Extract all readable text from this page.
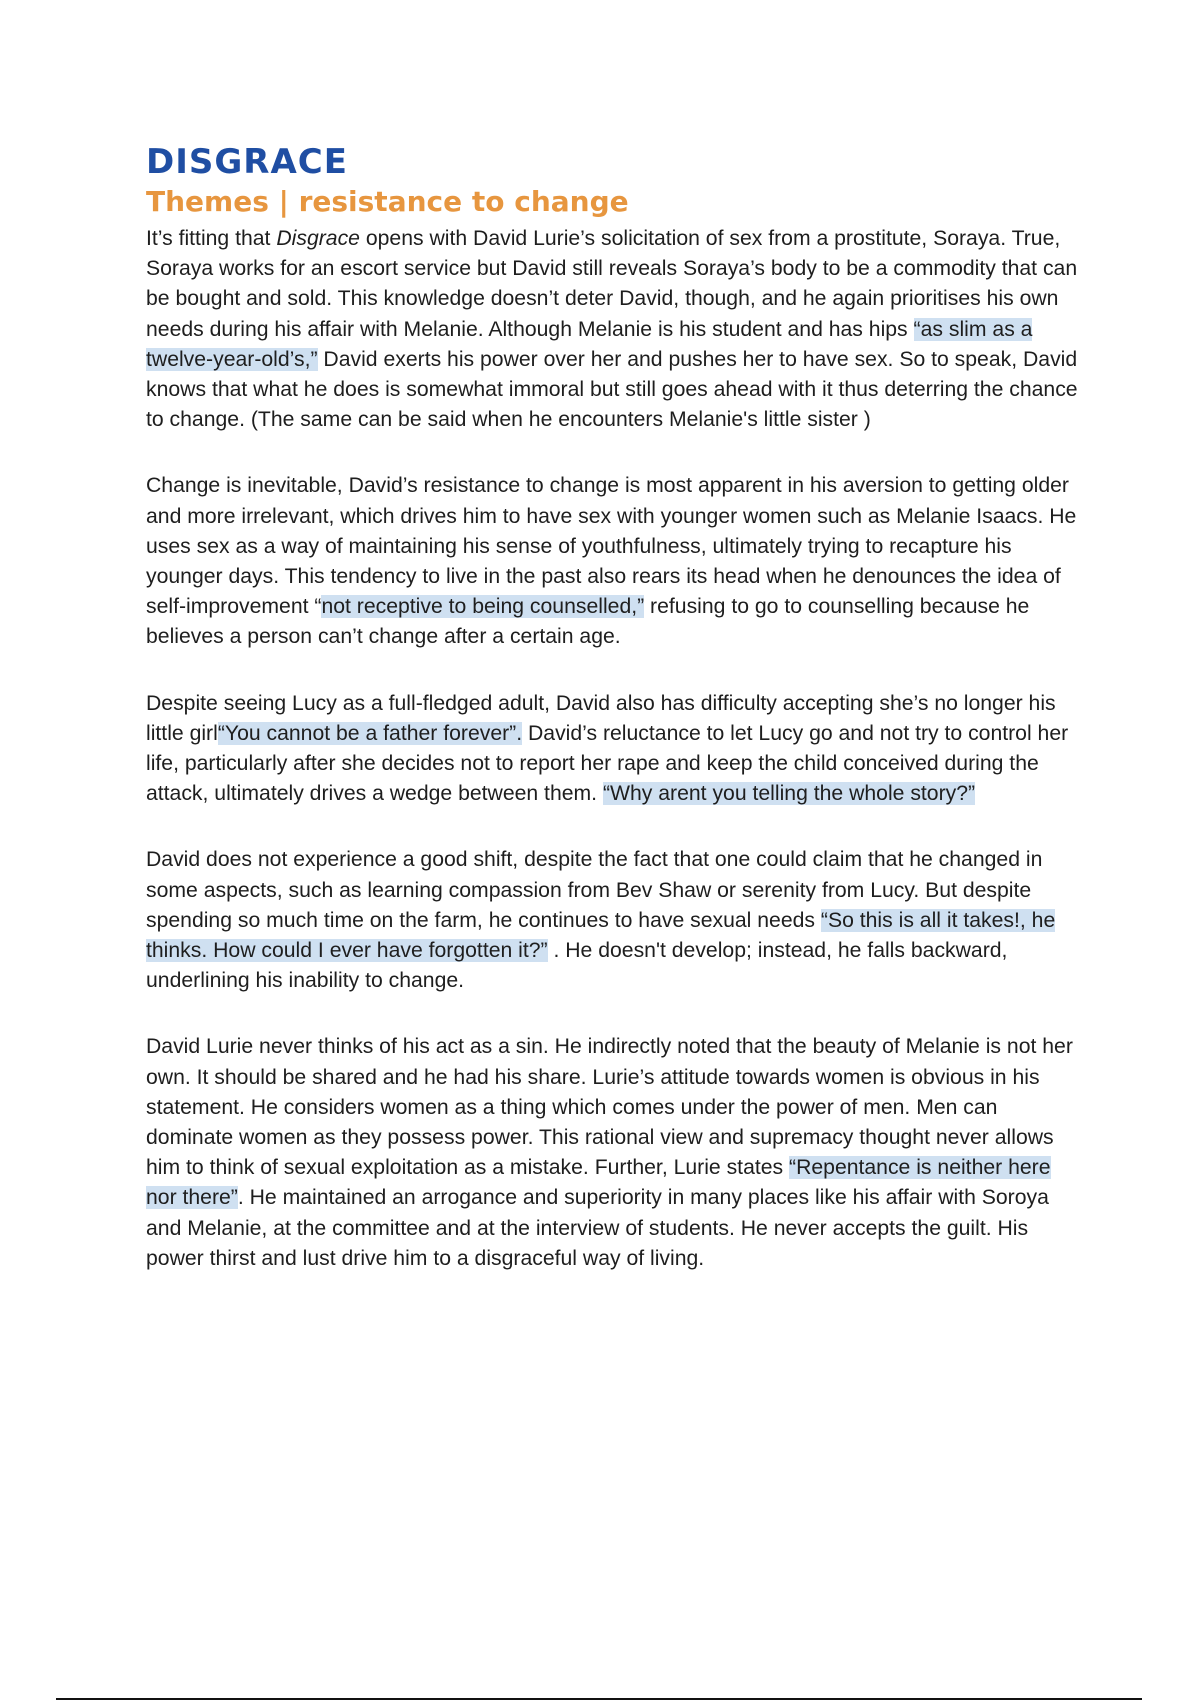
DISGRACE
Themes | resistance to change

It’s fitting that Disgrace opens with David Lurie’s solicitation of sex from a prostitute, Soraya. True, Soraya works for an escort service but David still reveals Soraya’s body to be a commodity that can be bought and sold. This knowledge doesn’t deter David, though, and he again prioritises his own needs during his affair with Melanie. Although Melanie is his student and has hips “as slim as a twelve-year-old’s,” David exerts his power over her and pushes her to have sex. So to speak, David knows that what he does is somewhat immoral but still goes ahead with it thus deterring the chance to change. (The same can be said when he encounters Melanie's little sister )

Change is inevitable, David’s resistance to change is most apparent in his aversion to getting older and more irrelevant, which drives him to have sex with younger women such as Melanie Isaacs. He uses sex as a way of maintaining his sense of youthfulness, ultimately trying to recapture his younger days. This tendency to live in the past also rears its head when he denounces the idea of self-improvement “not receptive to being counselled,” refusing to go to counselling because he believes a person can’t change after a certain age.

Despite seeing Lucy as a full-fledged adult, David also has difficulty accepting she’s no longer his little girl“You cannot be a father forever”. David’s reluctance to let Lucy go and not try to control her life, particularly after she decides not to report her rape and keep the child conceived during the attack, ultimately drives a wedge between them. “Why arent you telling the whole story?”

David does not experience a good shift, despite the fact that one could claim that he changed in some aspects, such as learning compassion from Bev Shaw or serenity from Lucy. But despite spending so much time on the farm, he continues to have sexual needs “So this is all it takes!, he thinks. How could I ever have forgotten it?” . He doesn't develop; instead, he falls backward, underlining his inability to change.

David Lurie never thinks of his act as a sin. He indirectly noted that the beauty of Melanie is not her own. It should be shared and he had his share. Lurie’s attitude towards women is obvious in his statement. He considers women as a thing which comes under the power of men. Men can dominate women as they possess power. This rational view and supremacy thought never allows him to think of sexual exploitation as a mistake. Further, Lurie states “Repentance is neither here nor there”. He maintained an arrogance and superiority in many places like his affair with Soroya and Melanie, at the committee and at the interview of students. He never accepts the guilt. His power thirst and lust drive him to a disgraceful way of living.
